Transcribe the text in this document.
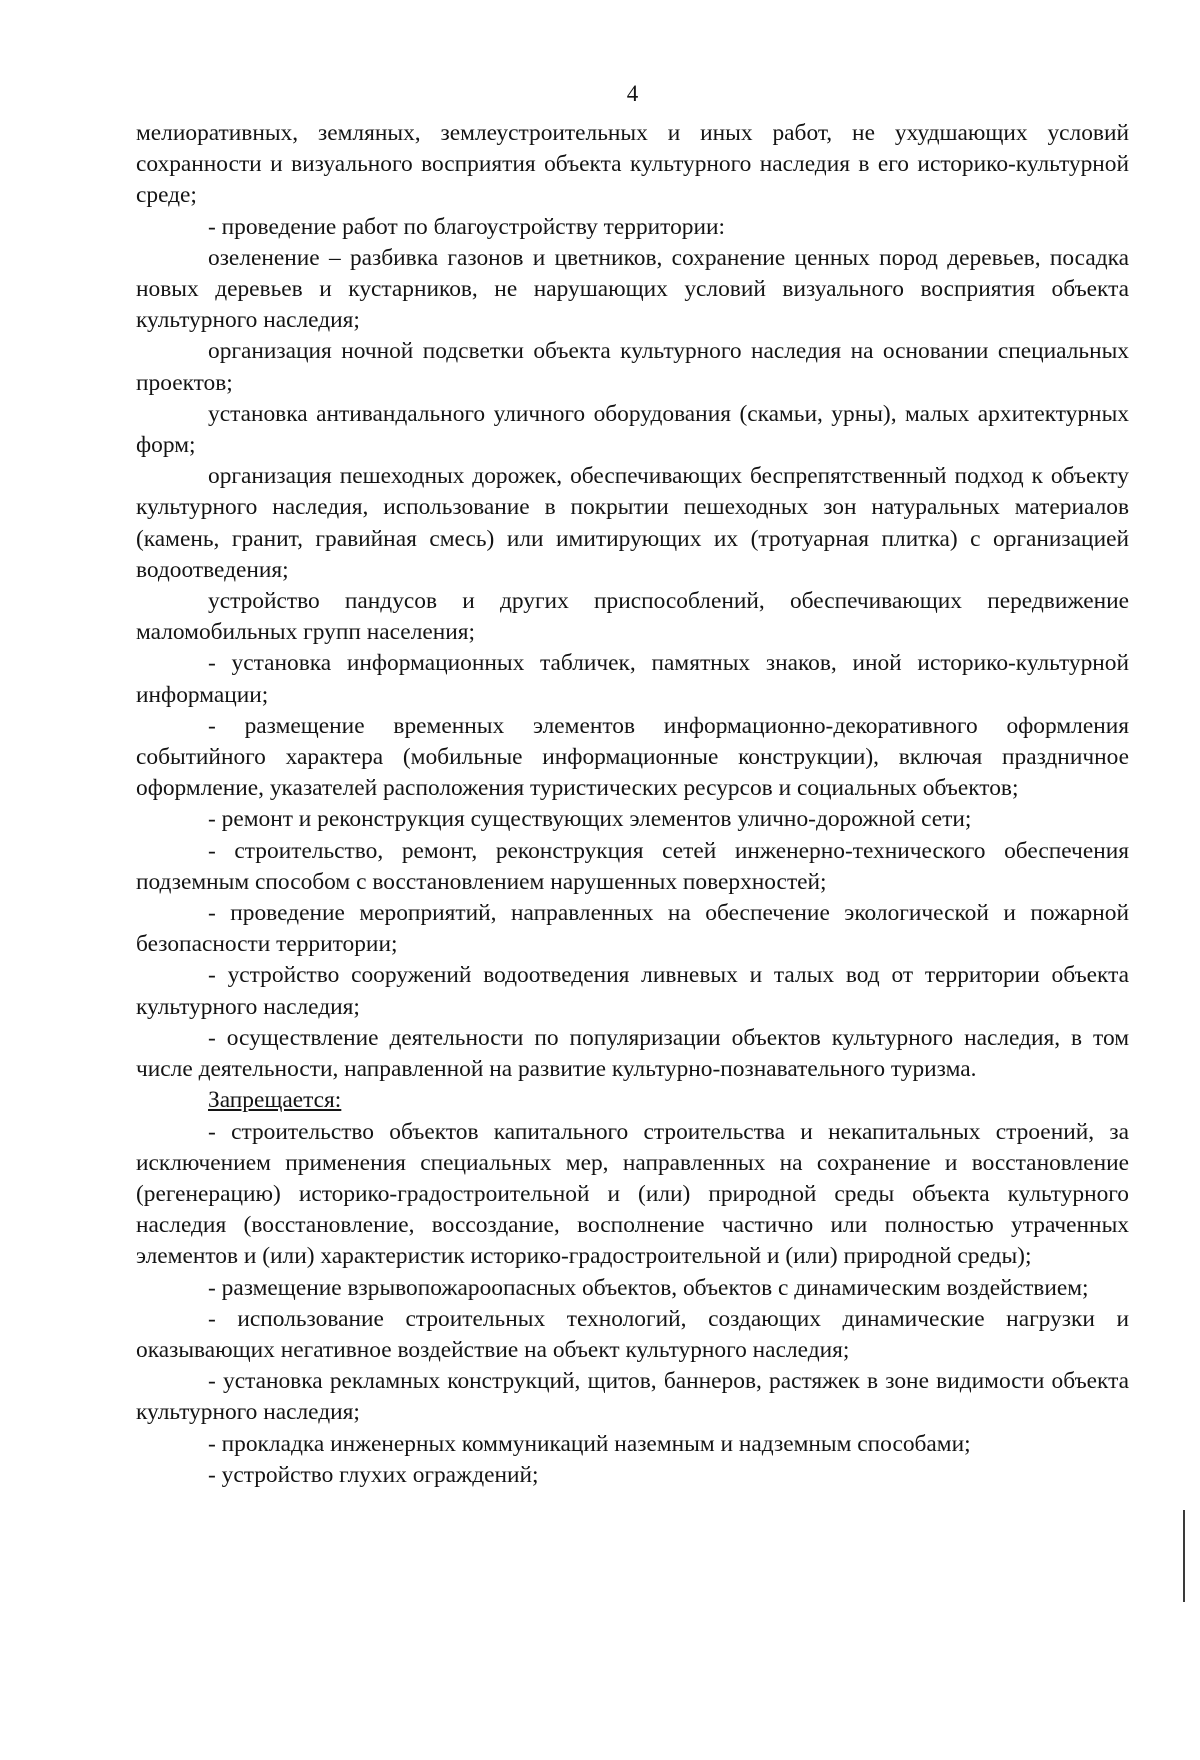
4

мелиоративных, земляных, землеустроительных и иных работ, не ухудшающих условий сохранности и визуального восприятия объекта культурного наследия в его историко-культурной среде;

- проведение работ по благоустройству территории:

озеленение – разбивка газонов и цветников, сохранение ценных пород деревьев, посадка новых деревьев и кустарников, не нарушающих условий визуального восприятия объекта культурного наследия;

организация ночной подсветки объекта культурного наследия на основании специальных проектов;

установка антивандального уличного оборудования (скамьи, урны), малых архитектурных форм;

организация пешеходных дорожек, обеспечивающих беспрепятственный подход к объекту культурного наследия, использование в покрытии пешеходных зон натуральных материалов (камень, гранит, гравийная смесь) или имитирующих их (тротуарная плитка) с организацией водоотведения;

устройство пандусов и других приспособлений, обеспечивающих передвижение маломобильных групп населения;

- установка информационных табличек, памятных знаков, иной историко-культурной информации;

- размещение временных элементов информационно-декоративного оформления событийного характера (мобильные информационные конструкции), включая праздничное оформление, указателей расположения туристических ресурсов и социальных объектов;

- ремонт и реконструкция существующих элементов улично-дорожной сети;

- строительство, ремонт, реконструкция сетей инженерно-технического обеспечения подземным способом с восстановлением нарушенных поверхностей;

- проведение мероприятий, направленных на обеспечение экологической и пожарной безопасности территории;

- устройство сооружений водоотведения ливневых и талых вод от территории объекта культурного наследия;

- осуществление деятельности по популяризации объектов культурного наследия, в том числе деятельности, направленной на развитие культурно-познавательного туризма.

Запрещается:

- строительство объектов капитального строительства и некапитальных строений, за исключением применения специальных мер, направленных на сохранение и восстановление (регенерацию) историко-градостроительной и (или) природной среды объекта культурного наследия (восстановление, воссоздание, восполнение частично или полностью утраченных элементов и (или) характеристик историко-градостроительной и (или) природной среды);

- размещение взрывопожароопасных объектов, объектов с динамическим воздействием;

- использование строительных технологий, создающих динамические нагрузки и оказывающих негативное воздействие на объект культурного наследия;

- установка рекламных конструкций, щитов, баннеров, растяжек в зоне видимости объекта культурного наследия;

- прокладка инженерных коммуникаций наземным и надземным способами;

- устройство глухих ограждений;
